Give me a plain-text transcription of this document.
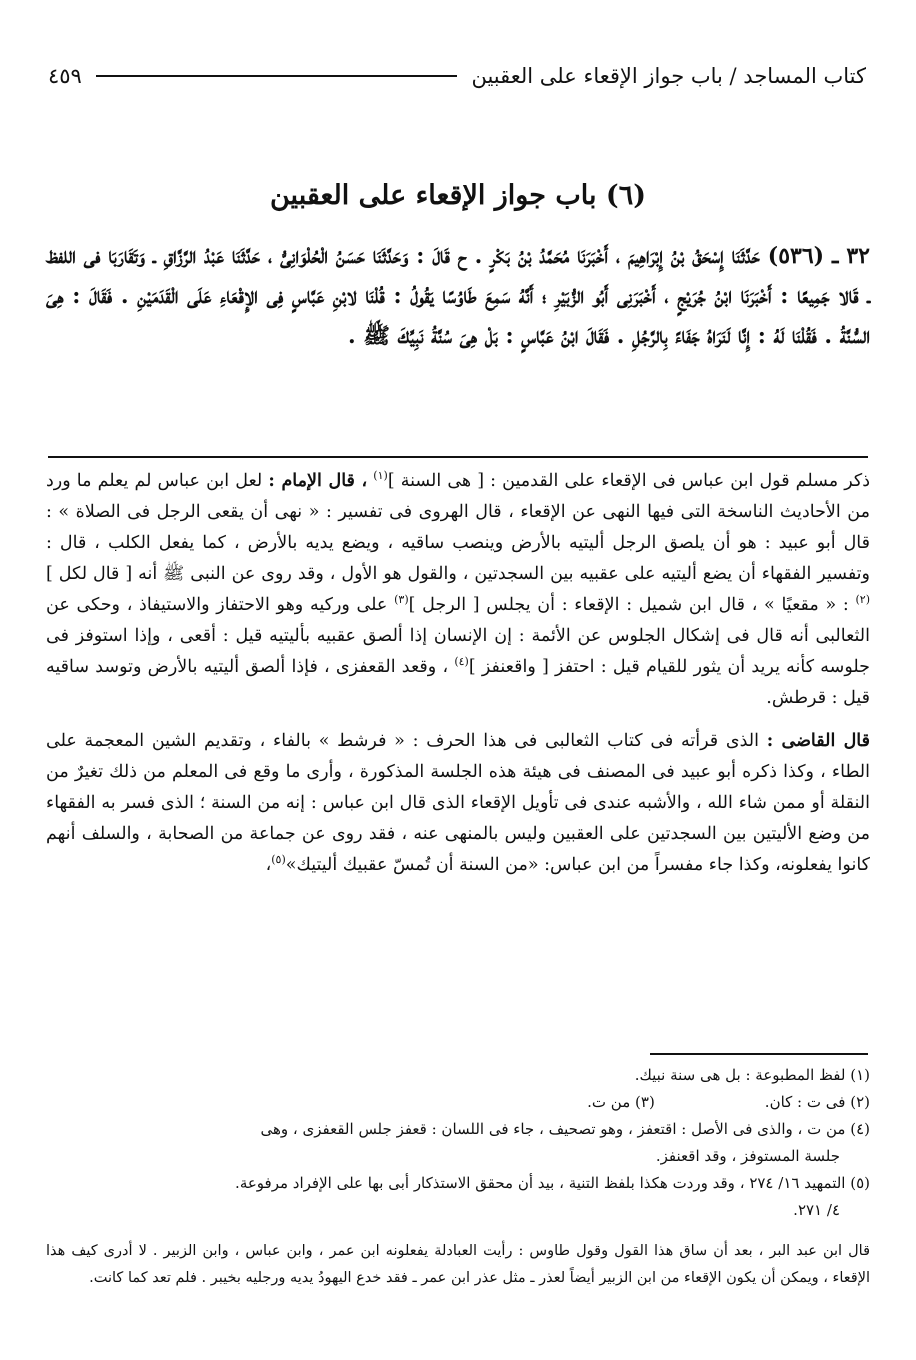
كتاب المساجد / باب جواز الإقعاء على العقبين
٤٥٩
(٦) باب جواز الإقعاء على العقبين

٣٢ ـ (٥٣٦) حَدَّثَنَا إِسْحَقُ بْنُ إِبْرَاهِيمَ ، أَخْبَرَنَا مُحَمَّدُ بْنُ بَكْرٍ . ح قَالَ : وَحَدَّثَنَا حَسَنُ الْحُلْوَانِىُّ ، حَدَّثَنَا عَبْدُ الرَّزَّاقِ ـ وَتَقَارَبَا فى اللفظ ـ قَالا جَمِيعًا : أَخْبَرَنَا ابْنُ جُرَيْجٍ ، أَخْبَرَنِى أَبُو الزُّبَيْرِ ؛ أَنَّهُ سَمِعَ طَاوُسًا يَقُولُ : قُلْنَا لابْنِ عَبَّاسٍ فِى الإِقْعَاءِ عَلَى الْقَدَمَيْنِ . فَقَالَ : هِىَ السُّنَّةُ . فَقُلْنَا لَهُ : إِنَّا لَنَرَاهُ جَفَاءً بِالرَّجُلِ . فَقَالَ ابْنُ عَبَّاسٍ : بَلْ هِىَ سُنَّةُ نَبِيِّكَ ﷺ .

ذكر مسلم قول ابن عباس فى الإقعاء على القدمين : [ هى السنة ]$^{(١)}$ ، قال الإمام : لعل ابن عباس لم يعلم ما ورد من الأحاديث الناسخة التى فيها النهى عن الإقعاء ، قال الهروى فى تفسير : « نهى أن يقعى الرجل فى الصلاة » : قال أبو عبيد : هو أن يلصق الرجل أليتيه بالأرض وينصب ساقيه ، ويضع يديه بالأرض ، كما يفعل الكلب ، قال : وتفسير الفقهاء أن يضع أليتيه على عقبيه بين السجدتين ، والقول هو الأول ، وقد روى عن النبى ﷺ أنه [ قال لكل ]$^{(٢)}$ : « مقعيًا » ، قال ابن شميل : الإقعاء : أن يجلس [ الرجل ]$^{(٣)}$ على وركيه وهو الاحتفاز والاستيفاذ ، وحكى عن الثعالبى أنه قال فى إشكال الجلوس عن الأئمة : إن الإنسان إذا ألصق عقبيه بأليتيه قيل : أقعى ، وإذا استوفز فى جلوسه كأنه يريد أن يثور للقيام قيل : احتفز [ واقعنفز ]$^{(٤)}$ ، وقعد القعفزى ، فإذا ألصق أليتيه بالأرض وتوسد ساقيه قيل : قرطش.

قال القاضى : الذى قرأته فى كتاب الثعالبى فى هذا الحرف : « فرشط » بالفاء ، وتقديم الشين المعجمة على الطاء ، وكذا ذكره أبو عبيد فى المصنف فى هيئة هذه الجلسة المذكورة ، وأرى ما وقع فى المعلم من ذلك تغيرٌ من النقلة أو ممن شاء الله ، والأشبه عندى فى تأويل الإقعاء الذى قال ابن عباس : إنه من السنة ؛ الذى فسر به الفقهاء من وضع الأليتين بين السجدتين على العقبين وليس بالمنهى عنه ، فقد روى عن جماعة من الصحابة ، والسلف أنهم كانوا يفعلونه، وكذا جاء مفسراً من ابن عباس: «من السنة أن تُمسّ عقبيك أليتيك»$^{(٥)}$،

(١) لفظ المطبوعة : بل هى سنة نبيك.

(٢) فى ت : كان.
(٣) من ت.

(٤) من ت ، والذى فى الأصل : اقتعفز ، وهو تصحيف ، جاء فى اللسان : قعفز جلس القعفزى ، وهى

جلسة المستوفز ، وقد اقعنفز.

(٥) التمهيد ١٦/ ٢٧٤ ، وقد وردت هكذا بلفظ التنية ، بيد أن محقق الاستذكار أبى بها على الإفراد مرفوعة.

٤/ ٢٧١.

قال ابن عبد البر ، بعد أن ساق هذا القول وقول طاوس : رأيت العبادلة يفعلونه ابن عمر ، وابن عباس ، وابن الزبير . لا أدرى كيف هذا الإقعاء ، ويمكن أن يكون الإقعاء من ابن الزبير أيضاً لعذر ـ مثل عذر ابن عمر ـ فقد خدع اليهودُ يديه ورجليه بخيبر . فلم تعد كما كانت.
